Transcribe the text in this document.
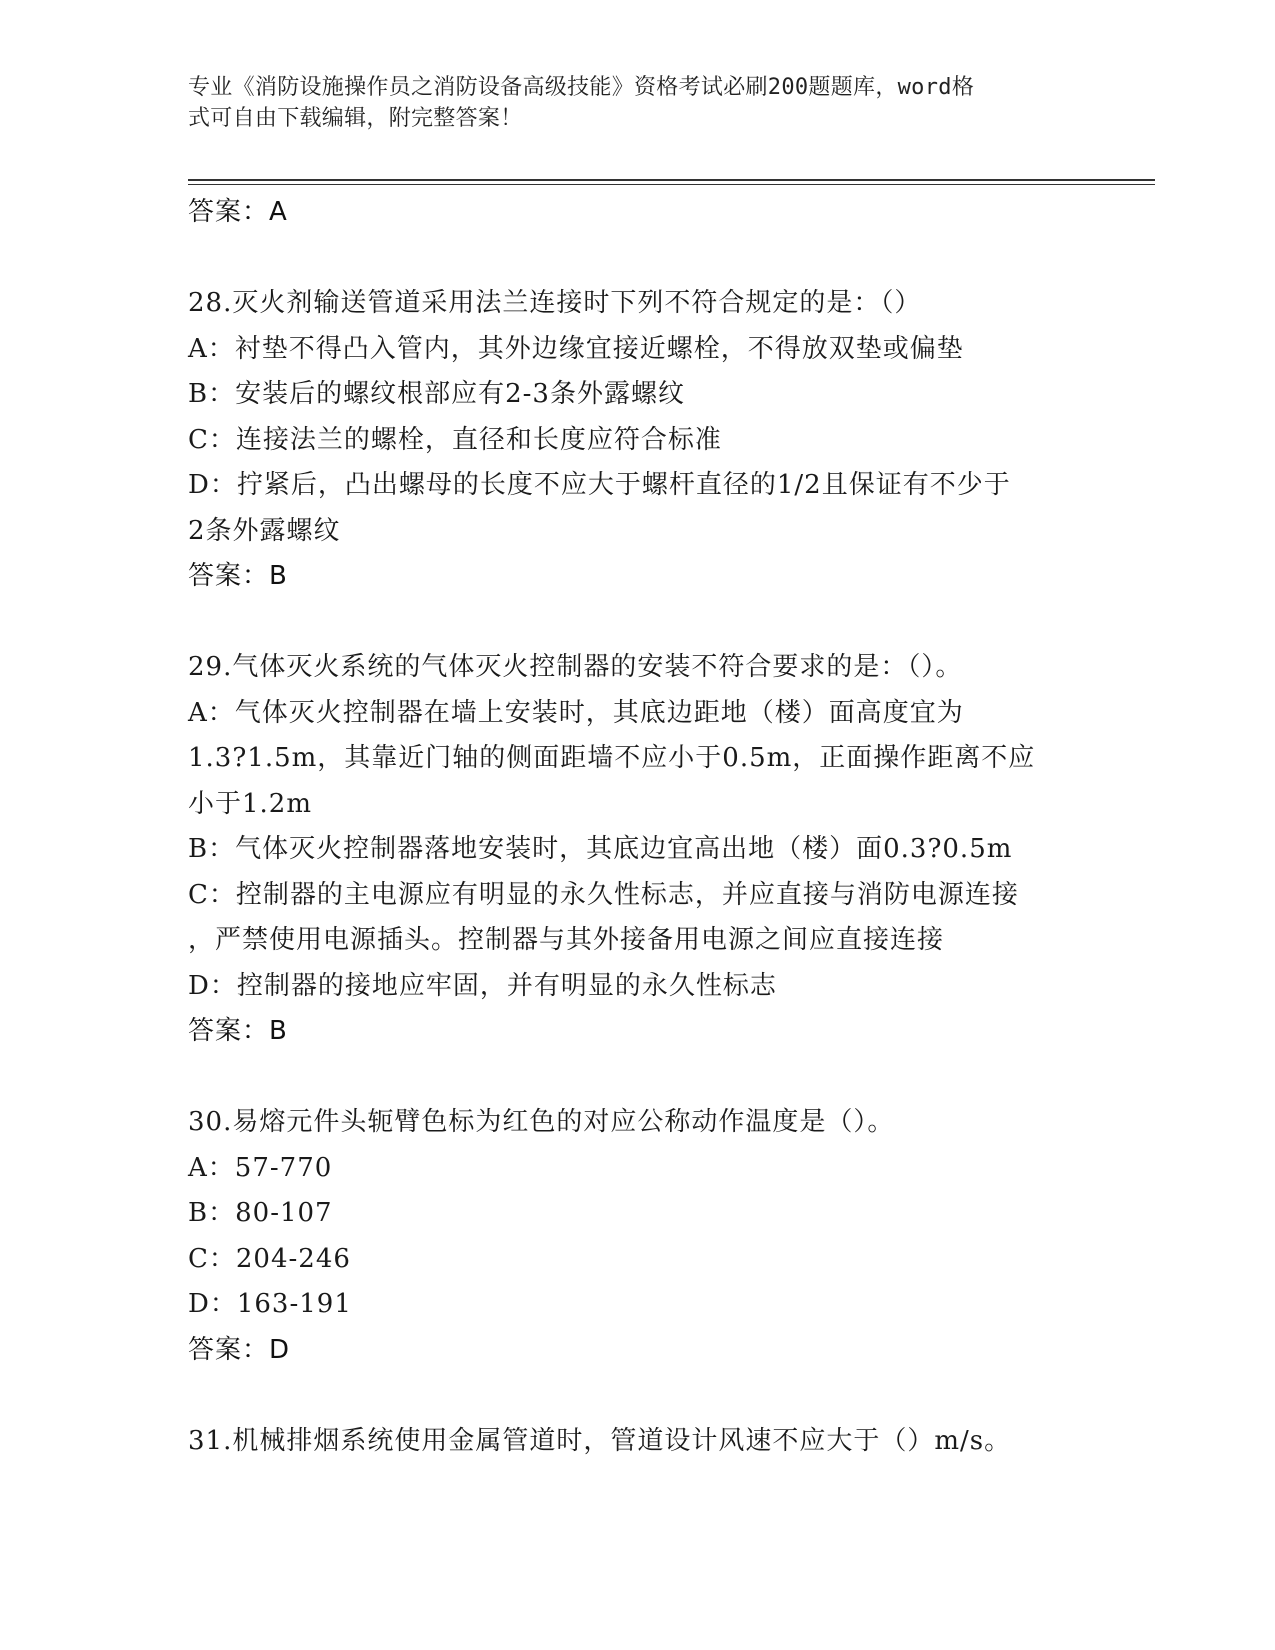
专业《消防设施操作员之消防设备高级技能》资格考试必刷200题题库，word格
式可自由下载编辑，附完整答案！
答案：A
28.灭火剂输送管道采用法兰连接时下列不符合规定的是：（）
A：衬垫不得凸入管内，其外边缘宜接近螺栓，不得放双垫或偏垫
B：安装后的螺纹根部应有2-3条外露螺纹
C：连接法兰的螺栓，直径和长度应符合标准
D：拧紧后，凸出螺母的长度不应大于螺杆直径的1/2且保证有不少于
2条外露螺纹
答案：B
29.气体灭火系统的气体灭火控制器的安装不符合要求的是：（）。
A：气体灭火控制器在墙上安装时，其底边距地（楼）面高度宜为
1.3?1.5m，其靠近门轴的侧面距墙不应小于0.5m，正面操作距离不应
小于1.2m
B：气体灭火控制器落地安装时，其底边宜高出地（楼）面0.3?0.5m
C：控制器的主电源应有明显的永久性标志，并应直接与消防电源连接
，严禁使用电源插头。控制器与其外接备用电源之间应直接连接
D：控制器的接地应牢固，并有明显的永久性标志
答案：B
30.易熔元件头轭臂色标为红色的对应公称动作温度是（）。
A：57-770
B：80-107
C：204-246
D：163-191
答案：D
31.机械排烟系统使用金属管道时，管道设计风速不应大于（）m/s。
